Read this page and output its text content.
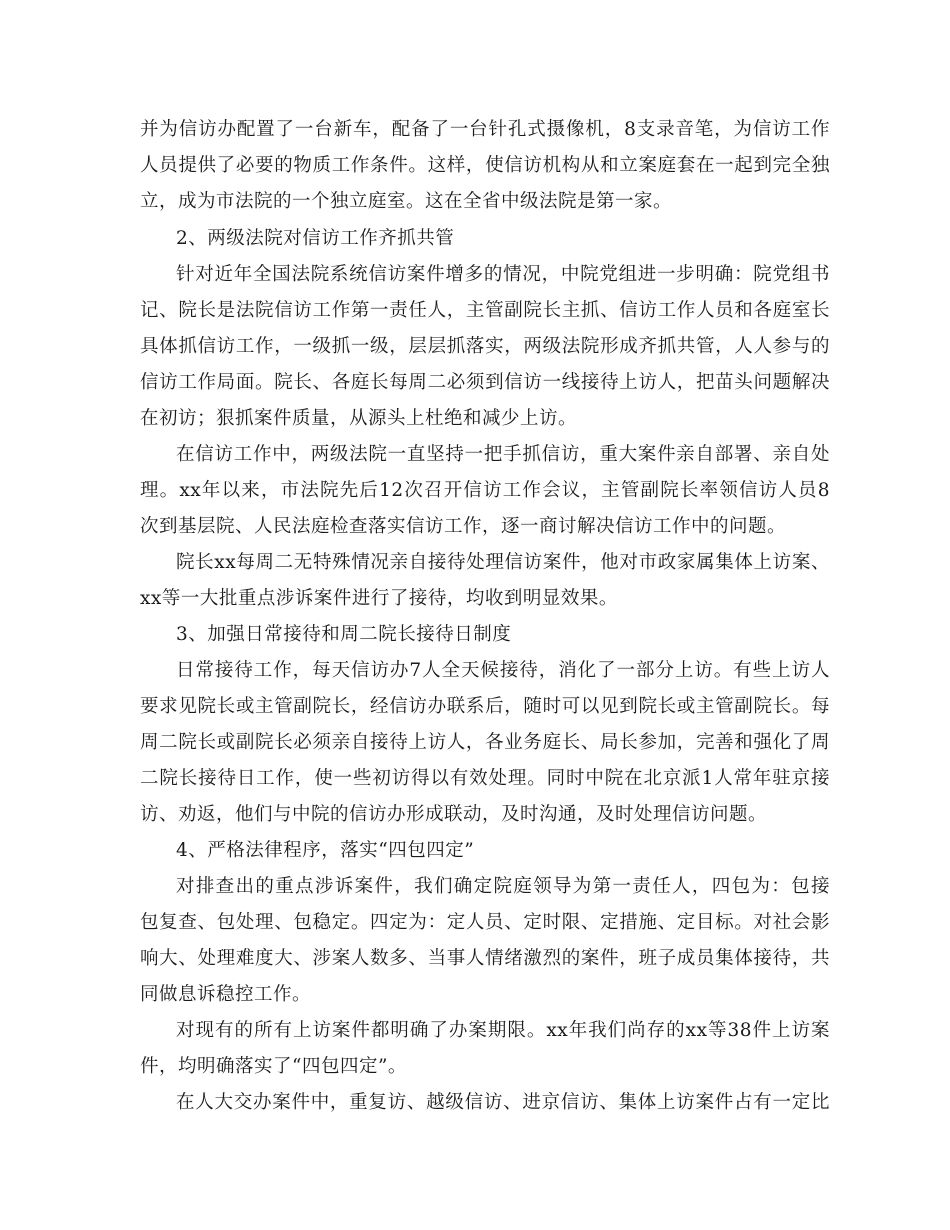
并为信访办配置了一台新车，配备了一台针孔式摄像机，8支录音笔，为信访工作
人员提供了必要的物质工作条件。这样，使信访机构从和立案庭套在一起到完全独
立，成为市法院的一个独立庭室。这在全省中级法院是第一家。
2、两级法院对信访工作齐抓共管
针对近年全国法院系统信访案件增多的情况，中院党组进一步明确：院党组书
记、院长是法院信访工作第一责任人，主管副院长主抓、信访工作人员和各庭室长
具体抓信访工作，一级抓一级，层层抓落实，两级法院形成齐抓共管，人人参与的
信访工作局面。院长、各庭长每周二必须到信访一线接待上访人，把苗头问题解决
在初访；狠抓案件质量，从源头上杜绝和减少上访。
在信访工作中，两级法院一直坚持一把手抓信访，重大案件亲自部署、亲自处
理。xx年以来，市法院先后12次召开信访工作会议，主管副院长率领信访人员8
次到基层院、人民法庭检查落实信访工作，逐一商讨解决信访工作中的问题。
院长xx每周二无特殊情况亲自接待处理信访案件，他对市政家属集体上访案、
xx等一大批重点涉诉案件进行了接待，均收到明显效果。
3、加强日常接待和周二院长接待日制度
日常接待工作，每天信访办7人全天候接待，消化了一部分上访。有些上访人
要求见院长或主管副院长，经信访办联系后，随时可以见到院长或主管副院长。每
周二院长或副院长必须亲自接待上访人，各业务庭长、局长参加，完善和强化了周
二院长接待日工作，使一些初访得以有效处理。同时中院在北京派1人常年驻京接
访、劝返，他们与中院的信访办形成联动，及时沟通，及时处理信访问题。
4、严格法律程序，落实“四包四定”
对排查出的重点涉诉案件，我们确定院庭领导为第一责任人，四包为：包接
包复查、包处理、包稳定。四定为：定人员、定时限、定措施、定目标。对社会影
响大、处理难度大、涉案人数多、当事人情绪激烈的案件，班子成员集体接待，共
同做息诉稳控工作。
对现有的所有上访案件都明确了办案期限。xx年我们尚存的xx等38件上访案
件，均明确落实了“四包四定”。
在人大交办案件中，重复访、越级信访、进京信访、集体上访案件占有一定比
